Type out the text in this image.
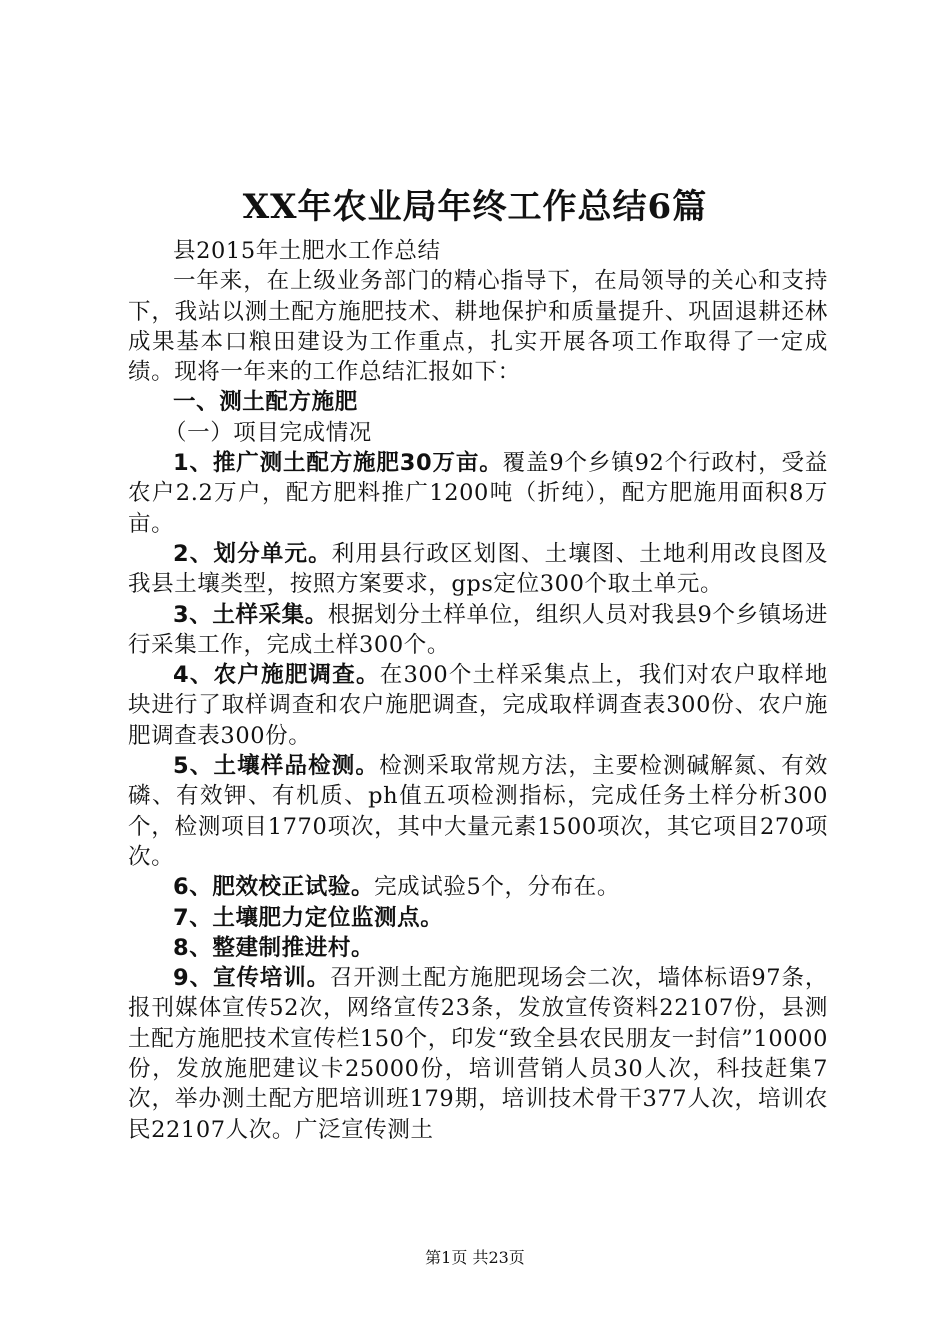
XX年农业局年终工作总结6篇

县2015年土肥水工作总结

一年来，在上级业务部门的精心指导下，在局领导的关心和支持下，我站以测土配方施肥技术、耕地保护和质量提升、巩固退耕还林成果基本口粮田建设为工作重点，扎实开展各项工作取得了一定成绩。现将一年来的工作总结汇报如下：

一、测土配方施肥

（一）项目完成情况

1、推广测土配方施肥30万亩。覆盖9个乡镇92个行政村，受益农户2.2万户，配方肥料推广1200吨（折纯），配方肥施用面积8万亩。

2、划分单元。利用县行政区划图、土壤图、土地利用改良图及我县土壤类型，按照方案要求，gps定位300个取土单元。

3、土样采集。根据划分土样单位，组织人员对我县9个乡镇场进行采集工作，完成土样300个。

4、农户施肥调查。在300个土样采集点上，我们对农户取样地块进行了取样调查和农户施肥调查，完成取样调查表300份、农户施肥调查表300份。

5、土壤样品检测。检测采取常规方法，主要检测碱解氮、有效磷、有效钾、有机质、ph值五项检测指标，完成任务土样分析300个，检测项目1770项次，其中大量元素1500项次，其它项目270项次。

6、肥效校正试验。完成试验5个，分布在。

7、土壤肥力定位监测点。

8、整建制推进村。

9、宣传培训。召开测土配方施肥现场会二次，墙体标语97条，报刊媒体宣传52次，网络宣传23条，发放宣传资料22107份，县测土配方施肥技术宣传栏150个，印发“致全县农民朋友一封信”10000份，发放施肥建议卡25000份，培训营销人员30人次，科技赶集7次，举办测土配方肥培训班179期，培训技术骨干377人次，培训农民22107人次。广泛宣传测土

第1页 共23页
